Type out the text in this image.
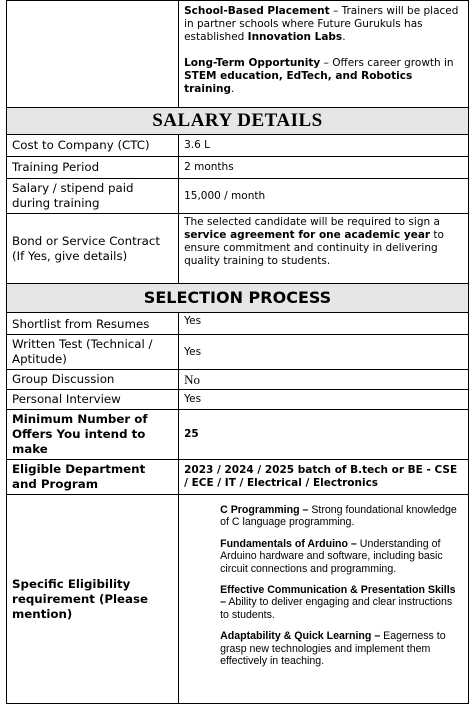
	School-Based Placement – Trainers will be placed in partner schools where Future Gurukuls has established Innovation Labs.

Long-Term Opportunity – Offers career growth in STEM education, EdTech, and Robotics training.

SALARY DETAILS	
Cost to Company (CTC)	3.6 L
Training Period	2 months
Salary / stipend paid during training	15,000 / month
Bond or Service Contract (If Yes, give details)	The selected candidate will be required to sign a service agreement for one academic year to ensure commitment and continuity in delivering quality training to students.
SELECTION PROCESS	
Shortlist from Resumes	Yes
Written Test (Technical / Aptitude)	Yes
Group Discussion	No
Personal Interview	Yes
Minimum Number of Offers You intend to make	25
Eligible Department and Program	2023 / 2024 / 2025 batch of B.tech or BE - CSE / ECE / IT / Electrical / Electronics
Specific Eligibility requirement (Please mention)	C Programming – Strong foundational knowledge of C language programming.
Fundamentals of Arduino – Understanding of Arduino hardware and software, including basic circuit connections and programming.
Effective Communication & Presentation Skills – Ability to deliver engaging and clear instructions to students.
Adaptability & Quick Learning – Eagerness to grasp new technologies and implement them effectively in teaching.
